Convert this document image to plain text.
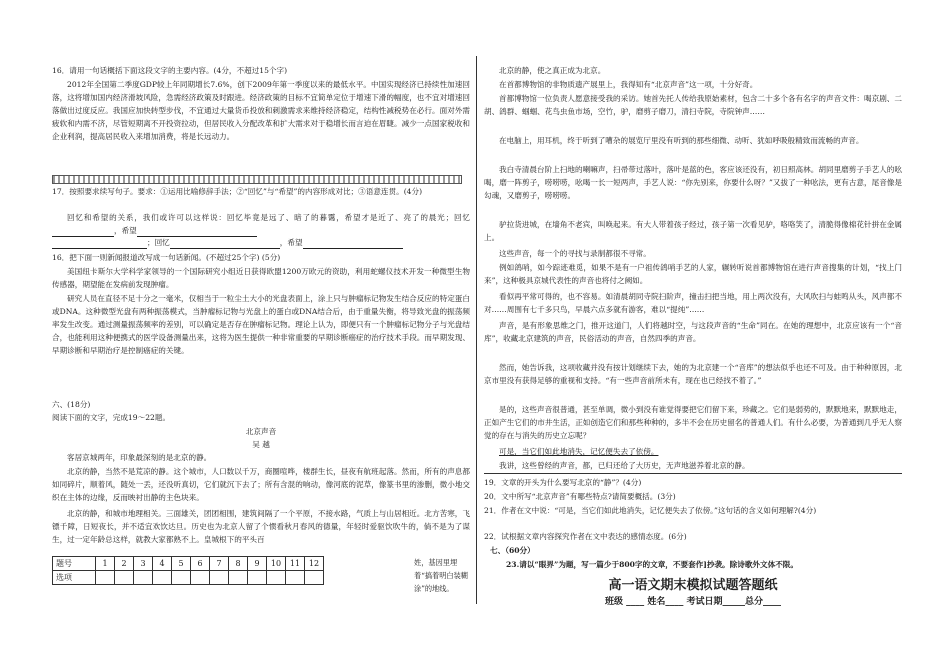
16．请用一句话概括下面这段文字的主要内容。(4分，不超过15个字)
2012年全国第二季度GDP较上年同期增长7.6%，创下2009年第一季度以来的最低水平。中国实现经济已持续性加速回落，这将增加国内经济滑坡风险，急需经济政策及时跟进。经济政策的目标不宜简单定位于增速下滑的幅度，也不宜对增速回落做出过度反应。我国应加快转型步伐，不宜通过大量货币投放和刺激需求来维持经济稳定，结构性减税势在必行。面对外需疲软和内需不济，尽管短期离不开投资拉动，但居民收入分配改革和扩大需求对于稳增长而言迫在眉睫。减少一点国家税收和企业利润，提高居民收入来增加消费，将是长远动力。
17．按照要求续写句子。要求：①运用比喻修辞手法；②“回忆”与“希望”的内容形成对比；③语意连贯。(4分)
回忆和希望的关系，我们或许可以这样说：回忆毕竟是远了、暗了的暮霭，希望才是近了、亮了的晨光；回忆，希望
；回忆	，希望
16．把下面一则新闻报道改写成一句话新闻。(不超过25个字) (5分)
美国纽卡斯尔大学科学家领导的一个国际研究小组近日获得欧盟1200万欧元的资助，利用蛇螺仪技术开发一种微型生物传感器，期望能在发病前发现肿瘤。
研究人员在直径不足十分之一毫米，仅相当于一粒尘土大小的光盘表面上，涂上只与肿瘤标记物发生结合反应的特定蛋白或DNA。这种微型光盘有两种振荡模式，当肿瘤标记物与光盘上的蛋白或DNA结合后，由于重量失衡，将导致光盘的振荡频率发生改变。通过测量振荡频率的差别，可以确定是否存在肿瘤标记物。理论上认为，即便只有一个肿瘤标记物分子与光盘结合，也能利用这种便携式的医学设备测量出来，这将为医生提供一种非常重要的早期诊断癌症的治疗技术手段。而早期发现、早期诊断和早期治疗是控制癌症的关键。
六、(18分)
阅读下面的文字，完成19～22题。
北京声音
吴 越
客居京城两年，印象最深刻的是北京的静。
北京的静，当然不是荒凉的静。这个城市，人口数以千万，商圈喧哗，楼群生长，昼夜有航班起落。然而，所有的声息都如同碎片，顺着风，随处一丢，还没听真切，它们就沉下去了；所有含混的响动，像河底的泥草，像篆书里的渗删，微小地交织在主体的边缘，反而映衬出静的主色块来。
北京的静，和城市地理相关。三面雄关，团团相围，建筑间隔了一个平原，不接水路，气质上与山居相近。北方苦寒，飞镖千障，日短夜长，并不适宜欢饮达旦。历史也为北京人留了个惯看秋月春风的德量，年轻时爱驱饮吹牛的，倘不是为了谋生，过一定年龄总这样，就教大家都熟不上。皇城根下的平头百
题号	1	2	3	4	5	6	7	8	9	10	11	12
选项												
姓，基因里埋着“搞着明白装糊涂”的地线。
北京的静，使之真正成为北京。
在首都博物馆的非物质遗产展里上，我得知有“北京声音”这一项，十分好奇。
首都博物馆一位负责人愿意接受我的采访。她首先托人传给我原始素材，包含二十多个各有名字的声音文件：喝京剧、二胡、鸽群、蝈蝈、花鸟虫鱼市场，空竹，驴，磨剪子磨刀，清扫寺院，寺院钟声……
在电脑上，用耳机，终于听到了嘈杂的展览厅里没有听到的那些细微、动听、犹如呼吸般精致而流畅的声音。
我白寺清晨台阶上扫地的喇嘛声，扫帚带过落叶，落叶是蓝的色，客应该还没有，初日照高林。胡同里磨剪子手艺人的吆喝，磨一阵剪子，唠唠唠，吆喝一长一短两声，手艺人说：“你先别来，你要什么呀？”又拔了一种吆法，更有古意，尾音像是勾魂，又磨剪子，唠唠唠。
驴拉货进城，在墙角不老宾，叫唤起来。有大人带着孩子经过，孩子第一次看见驴，咯咯笑了，清脆得像棉花针拼在金属上。
这些声音，每一个的寻找与录制都很不寻常。
例如鸽哨，如今踪迹难觅，如果不是有一户祖传鸽哨手艺的人家，辗转听说首都博物馆在进行声音搜集的计划，“找上门来”，这种极具京城代表性的声音也将付之阙如。
看似再平常可得的，也不容易。如清晨胡同寺院扫阶声，撞击扫把当地，用上两次没有，大风吹扫与蛙鸣从头，风声都不对……周围有七千多只鸟，早晨六点多就有游客，难以“提纯”……
声音，是有形象思维之门，推开这道门，人们将越时空，与这段声音的“生命”同在。在她的理想中，北京应该有一个“音库”，收藏北京建筑的声音，民俗活动的声音，自然四季的声音。
然而，她告诉我，这项收藏并没有按计划继续下去，她的为北京建一个“音库”的想法似乎也还不可及。由于种种原因，北京市里没有获得足够的重视和支持。“有一些声音前所未有，现在也已经找不着了。”
是的，这些声音很普通，甚至单调，微小到没有谁觉得要把它们留下来，珍藏之。它们是弱势的，默默地来，默默地走，正如产生它们的市井生活，正如创造它们和那些种种的，多半不会在历史留名的普通人们。有什么必要，为普通到几乎无人察觉的存在与消失的历史立忘呢？
可是，当它们如此地消失，记忆便失去了依傍。
我讲，这些曾经的声音，都，已归还给了大历史，无声地滋养着北京的静。
19．文章的开头为什么要写北京的“静”？(4分)
20．文中所写“北京声音”有哪些特点?请简要概括。(3分)
21．作者在文中说：“可是，当它们如此地消失，记忆便失去了依傍。”这句话的含义如何理解?(4分)
22．试根据文章内容探究作者在文中表达的感情态度。(6分)
七、（60分）
23.请以“眼界”为题，写一篇少于800字的文章，不要套作]抄袭。除诗歌外文体不限。
高一语文期末模拟试题答题纸
班级 ____ 姓名____ 考试日期_____总分____
